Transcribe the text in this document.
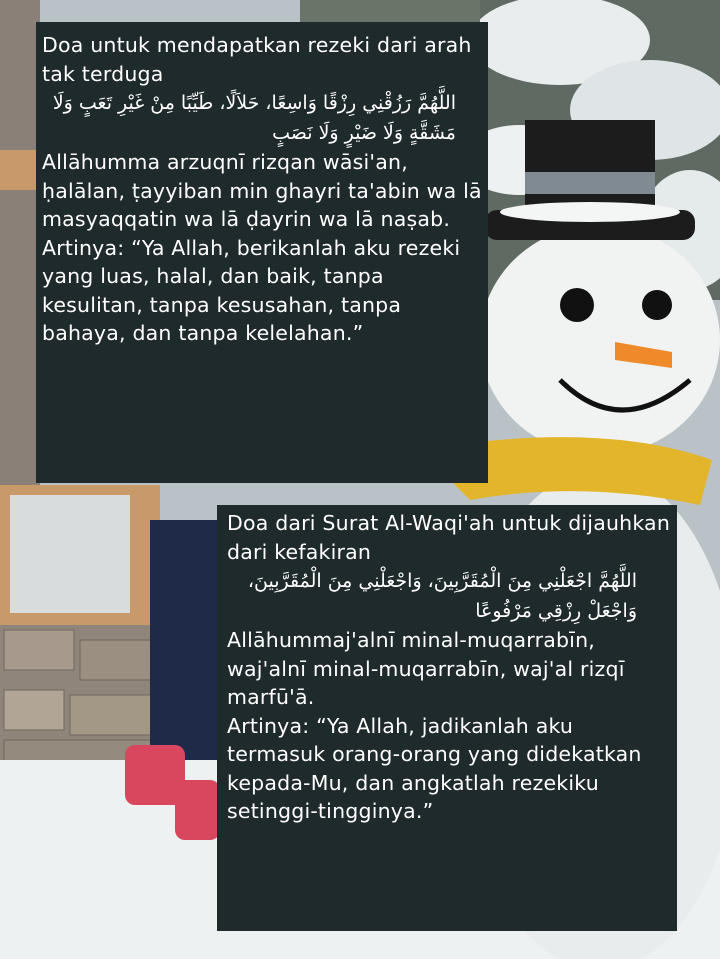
Doa untuk mendapatkan rezeki dari arah tak terduga

اللَّهُمَّ رَزُقْنِي رِزْقًا وَاسِعًا، حَلاَلًا، طَيِّبًا مِنْ غَيْرِ تَعَبٍ وَلَا مَشَقَّةٍ وَلَا ضَيْرٍ وَلَا نَصَبٍ

Allāhumma arzuqnī rizqan wāsi'an, ḥalālan, ṭayyiban min ghayri ta'abin wa lā masyaqqatin wa lā ḍayrin wa lā naṣab.

Artinya: “Ya Allah, berikanlah aku rezeki yang luas, halal, dan baik, tanpa kesulitan, tanpa kesusahan, tanpa bahaya, dan tanpa kelelahan.”

Doa dari Surat Al-Waqi'ah untuk dijauhkan dari kefakiran

اللَّهُمَّ اجْعَلْنِي مِنَ الْمُقَرَّبِينَ، وَاجْعَلْنِي مِنَ الْمُقَرَّبِينَ، وَاجْعَلْ رِزْقِي مَرْفُوعًا

Allāhummaj'alnī minal-muqarrabīn, waj'alnī minal-muqarrabīn, waj'al rizqī marfū'ā.

Artinya: “Ya Allah, jadikanlah aku termasuk orang-orang yang didekatkan kepada-Mu, dan angkatlah rezekiku setinggi-tingginya.”
